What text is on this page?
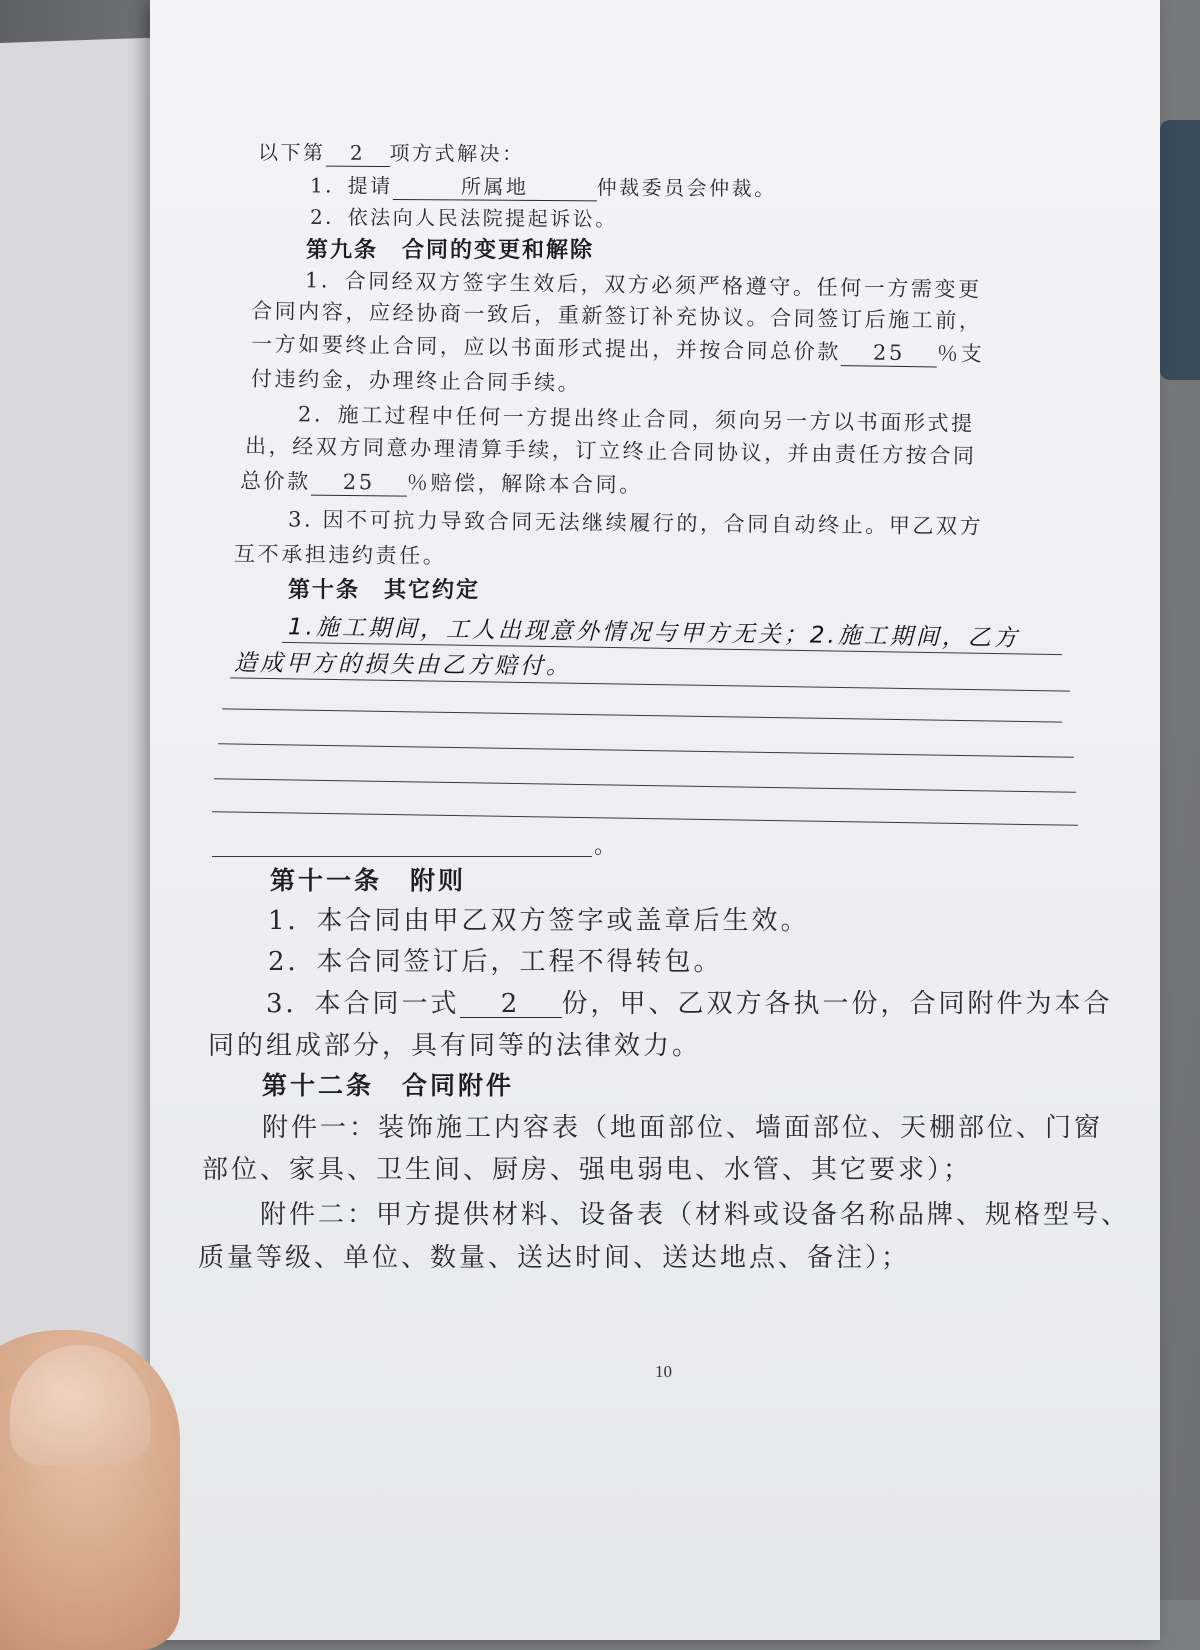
以下第 2 项方式解决：

1．提请	所属地	仲裁委员会仲裁。

2．依法向人民法院提起诉讼。

第九条　合同的变更和解除

1．合同经双方签字生效后，双方必须严格遵守。任何一方需变更

合同内容，应经协商一致后，重新签订补充协议。合同签订后施工前，

一方如要终止合同，应以书面形式提出，并按合同总价款 25 ％支

付违约金，办理终止合同手续。

2．施工过程中任何一方提出终止合同，须向另一方以书面形式提

出，经双方同意办理清算手续，订立终止合同协议，并由责任方按合同

总价款 25 ％赔偿，解除本合同。

3. 因不可抗力导致合同无法继续履行的，合同自动终止。甲乙双方

互不承担违约责任。

第十条　其它约定

1.施工期间，工人出现意外情况与甲方无关；2.施工期间，乙方

造成甲方的损失由乙方赔付。

。

第十一条　附则

1．本合同由甲乙双方签字或盖章后生效。

2．本合同签订后，工程不得转包。

3．本合同一式 2 份，甲、乙双方各执一份，合同附件为本合

同的组成部分，具有同等的法律效力。

第十二条　合同附件

附件一：装饰施工内容表（地面部位、墙面部位、天棚部位、门窗

部位、家具、卫生间、厨房、强电弱电、水管、其它要求）；

附件二：甲方提供材料、设备表（材料或设备名称品牌、规格型号、

质量等级、单位、数量、送达时间、送达地点、备注）；

10
